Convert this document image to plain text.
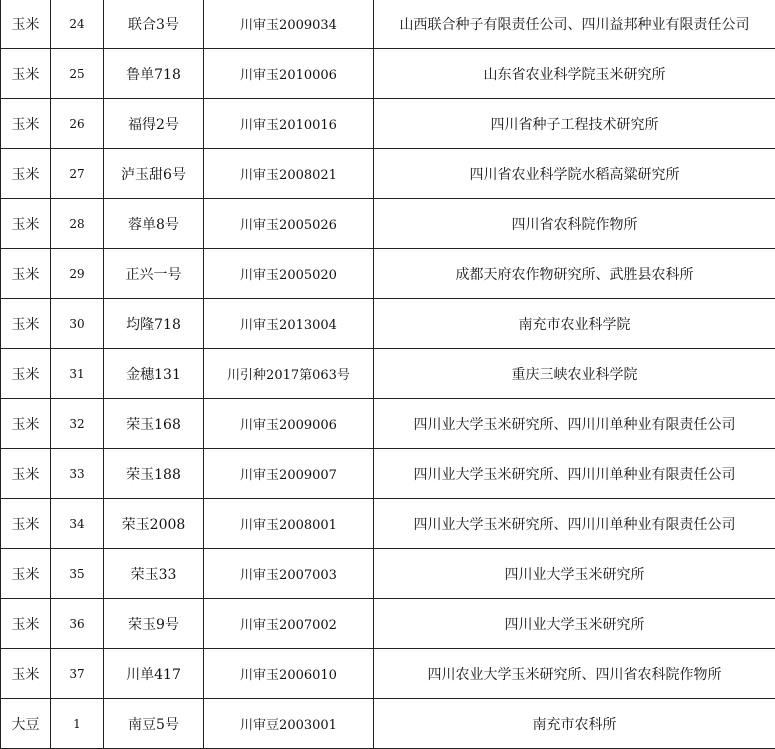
玉米	24	联合3号	川审玉2009034	山西联合种子有限责任公司、四川益邦种业有限责任公司
玉米	25	鲁单718	川审玉2010006	山东省农业科学院玉米研究所
玉米	26	福得2号	川审玉2010016	四川省种子工程技术研究所
玉米	27	泸玉甜6号	川审玉2008021	四川省农业科学院水稻高粱研究所
玉米	28	蓉单8号	川审玉2005026	四川省农科院作物所
玉米	29	正兴一号	川审玉2005020	成都天府农作物研究所、武胜县农科所
玉米	30	均隆718	川审玉2013004	南充市农业科学院
玉米	31	金穗131	川引种2017第063号	重庆三峡农业科学院
玉米	32	荣玉168	川审玉2009006	四川业大学玉米研究所、四川川单种业有限责任公司
玉米	33	荣玉188	川审玉2009007	四川业大学玉米研究所、四川川单种业有限责任公司
玉米	34	荣玉2008	川审玉2008001	四川业大学玉米研究所、四川川单种业有限责任公司
玉米	35	荣玉33	川审玉2007003	四川业大学玉米研究所
玉米	36	荣玉9号	川审玉2007002	四川业大学玉米研究所
玉米	37	川单417	川审玉2006010	四川农业大学玉米研究所、四川省农科院作物所
大豆	1	南豆5号	川审豆2003001	南充市农科所
